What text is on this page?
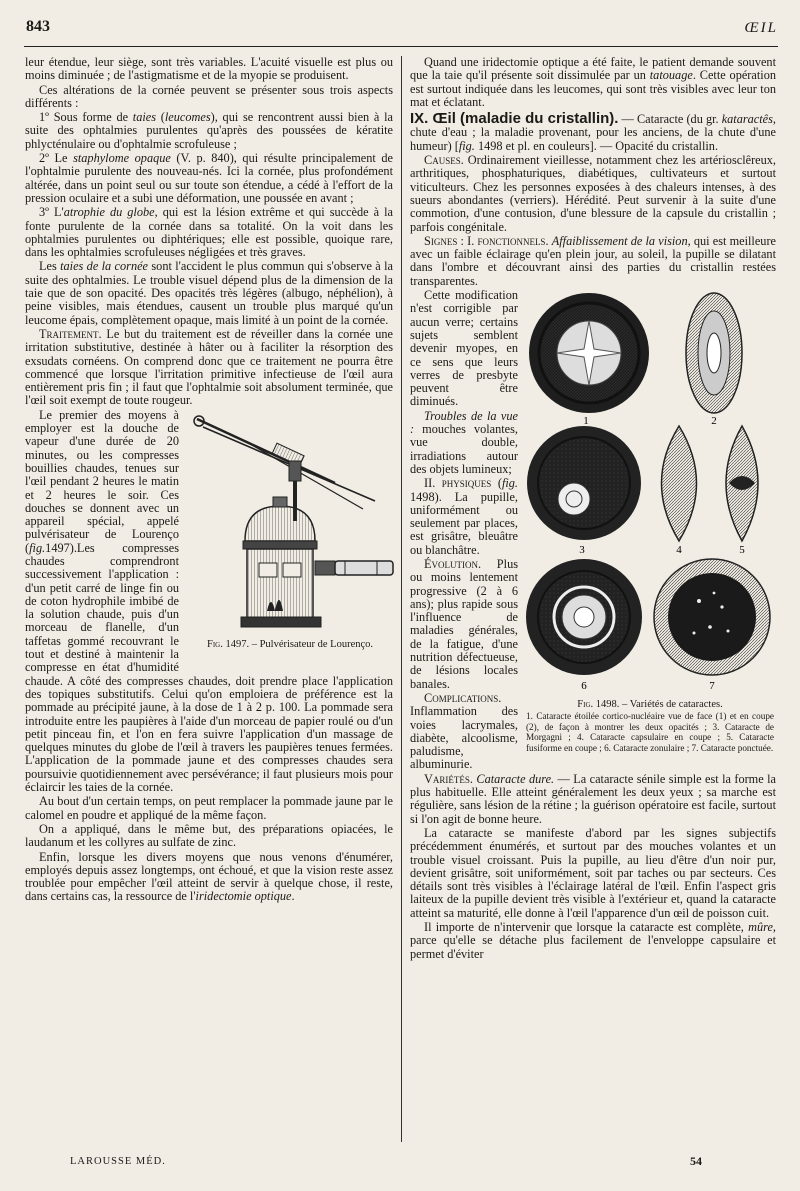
843	ŒIL

leur étendue, leur siège, sont très variables. L'acuité visuelle est plus ou moins diminuée ; de l'astigmatisme et de la myopie se produisent.

Ces altérations de la cornée peuvent se présenter sous trois aspects différents :

1º Sous forme de taies (leucomes), qui se rencontrent aussi bien à la suite des ophtalmies purulentes qu'après des poussées de kératite phlycténulaire ou d'ophtalmie scrofuleuse ;

2º Le staphylome opaque (V. p. 840), qui résulte principalement de l'ophtalmie purulente des nouveau-nés. Ici la cornée, plus profondément altérée, dans un point seul ou sur toute son étendue, a cédé à l'effort de la pression oculaire et a subi une déformation, une poussée en avant ;

3º L'atrophie du globe, qui est la lésion extrême et qui succède à la fonte purulente de la cornée dans sa totalité. On la voit dans les ophtalmies purulentes ou diphtériques; elle est possible, quoique rare, dans les ophtalmies scrofuleuses négligées et très graves.

Les taies de la cornée sont l'accident le plus commun qui s'observe à la suite des ophtalmies. Le trouble visuel dépend plus de la dimension de la taie que de son opacité. Des opacités très légères (albugo, néphélion), à peine visibles, mais étendues, causent un trouble plus marqué qu'un leucome épais, complètement opaque, mais limité à un point de la cornée.

Traitement. Le but du traitement est de réveiller dans la cornée une irritation substitutive, destinée à hâter ou à faciliter la résorption des exsudats cornéens. On comprend donc que ce traitement ne pourra être commencé que lorsque l'irritation primitive infectieuse de l'œil aura entièrement pris fin ; il faut que l'ophtalmie soit absolument terminée, que l'œil soit exempt de toute rougeur.

Fig. 1497. – Pulvérisateur de Lourenço.

Le premier des moyens à employer est la douche de vapeur d'une durée de 20 minutes, ou les compresses bouillies chaudes, tenues sur l'œil pendant 2 heures le matin et 2 heures le soir. Ces douches se donnent avec un appareil spécial, appelé pulvérisateur de Lourenço (fig.1497).Les compresses chaudes comprendront successivement l'application : d'un petit carré de linge fin ou de coton hydrophile imbibé de la solution chaude, puis d'un morceau de flanelle, d'un taffetas gommé recouvrant le tout et destiné à maintenir la compresse en état d'humidité chaude. A côté des compresses chaudes, doit prendre place l'application des topiques substitutifs. Celui qu'on emploiera de préférence est la pommade au précipité jaune, à la dose de 1 à 2 p. 100. La pommade sera introduite entre les paupières à l'aide d'un morceau de papier roulé ou d'un petit pinceau fin, et l'on en fera suivre l'application d'un massage de quelques minutes du globe de l'œil à travers les paupières tenues fermées. L'application de la pommade jaune et des compresses chaudes sera poursuivie quotidiennement avec persévérance; il faut plusieurs mois pour éclaircir les taies de la cornée.

Au bout d'un certain temps, on peut remplacer la pommade jaune par le calomel en poudre et appliqué de la même façon.

On a appliqué, dans le même but, des préparations opiacées, le laudanum et les collyres au sulfate de zinc.

Enfin, lorsque les divers moyens que nous venons d'énumérer, employés depuis assez longtemps, ont échoué, et que la vision reste assez troublée pour empêcher l'œil atteint de servir à quelque chose, il reste, dans certains cas, la ressource de l'iridectomie optique.

Quand une iridectomie optique a été faite, le patient demande souvent que la taie qu'il présente soit dissimulée par un tatouage. Cette opération est surtout indiquée dans les leucomes, qui sont très visibles avec leur ton mat et éclatant.

IX. Œil (maladie du cristallin). — Cataracte (du gr. kataractês, chute d'eau ; la maladie provenant, pour les anciens, de la chute d'une humeur) [fig. 1498 et pl. en couleurs]. — Opacité du cristallin.

Causes. Ordinairement vieillesse, notamment chez les artériosclêreux, arthritiques, phosphaturiques, diabétiques, cultivateurs et surtout viticulteurs. Chez les personnes exposées à des chaleurs intenses, à des sueurs abondantes (verriers). Hérédité. Peut survenir à la suite d'une commotion, d'une contusion, d'une blessure de la capsule du cristallin ; parfois congénitale.

Signes : I. fonctionnels. Affaiblissement de la vision, qui est meilleure avec un faible éclairage qu'en plein jour, au soleil, la pupille se dilatant dans l'ombre et découvrant ainsi des parties du cristallin restées transparentes.

1	2
3	4	5
6	7
Fig. 1498. – Variétés de cataractes.
1. Cataracte étoilée cortico-nucléaire vue de face (1) et en coupe (2), de façon à montrer les deux opacités ; 3. Cataracte de Morgagni ; 4. Cataracte capsulaire en coupe ; 5. Cataracte fusiforme en coupe ; 6. Cataracte zonulaire ; 7. Cataracte ponctuée.

Cette modification n'est corrigible par aucun verre; certains sujets semblent devenir myopes, en ce sens que leurs verres de presbyte peuvent être diminués.

Troubles de la vue : mouches volantes, vue double, irradiations autour des objets lumineux;

II. physiques (fig. 1498). La pupille, uniformément ou seulement par places, est grisâtre, bleuâtre ou blanchâtre.

Évolution. Plus ou moins lentement progressive (2 à 6 ans); plus rapide sous l'influence de maladies générales, de la fatigue, d'une nutrition défectueuse, de lésions locales banales.

Complications. Inflammation des voies lacrymales, diabète, alcoolisme, paludisme, albuminurie.

Variétés. Cataracte dure. — La cataracte sénile simple est la forme la plus habituelle. Elle atteint généralement les deux yeux ; sa marche est régulière, sans lésion de la rétine ; la guérison opératoire est facile, surtout si l'on agit de bonne heure.

La cataracte se manifeste d'abord par les signes subjectifs précédemment énumérés, et surtout par des mouches volantes et un trouble visuel croissant. Puis la pupille, au lieu d'être d'un noir pur, devient grisâtre, soit uniformément, soit par taches ou par secteurs. Ces détails sont très visibles à l'éclairage latéral de l'œil. Enfin l'aspect gris laiteux de la pupille devient très visible à l'extérieur et, quand la cataracte atteint sa maturité, elle donne à l'œil l'apparence d'un œil de poisson cuit.

Il importe de n'intervenir que lorsque la cataracte est complète, mûre, parce qu'elle se détache plus facilement de l'enveloppe capsulaire et permet d'éviter

LAROUSSE MÉD.	54
